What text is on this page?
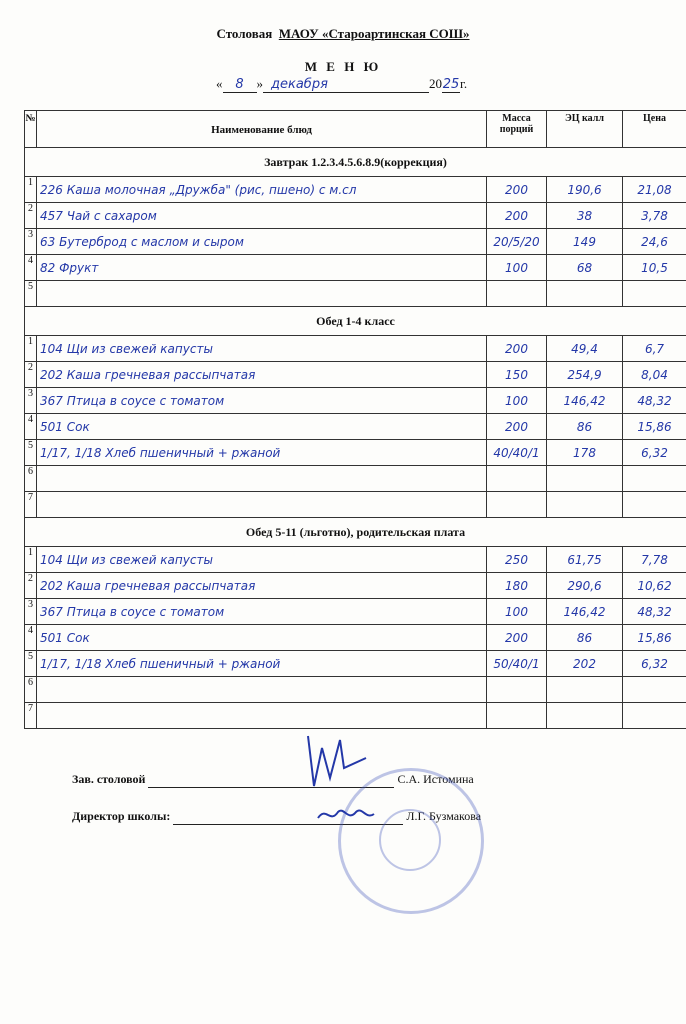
Столовая МАОУ «Староартинская СОШ»
М Е Н Ю
« 8 » декабря	2025г.
№	Наименование блюд	Масса порций	ЭЦ калл	Цена
Завтрак 1.2.3.4.5.6.8.9(коррекция)				
1	226 Каша молочная „Дружба" (рис, пшено) с м.сл	200	190,6	21,08
2	457 Чай с сахаром	200	38	3,78
3	63 Бутерброд с маслом и сыром	20/5/20	149	24,6
4	82 Фрукт	100	68	10,5
5				
Обед 1-4 класс				
1	104 Щи из свежей капусты	200	49,4	6,7
2	202 Каша гречневая рассыпчатая	150	254,9	8,04
3	367 Птица в соусе с томатом	100	146,42	48,32
4	501 Сок	200	86	15,86
5	1/17, 1/18 Хлеб пшеничный + ржаной	40/40/1	178	6,32
6				
7				
Обед 5-11 (льготно), родительская плата				
1	104 Щи из свежей капусты	250	61,75	7,78
2	202 Каша гречневая рассыпчатая	180	290,6	10,62
3	367 Птица в соусе с томатом	100	146,42	48,32
4	501 Сок	200	86	15,86
5	1/17, 1/18 Хлеб пшеничный + ржаной	50/40/1	202	6,32
6				
7				
Зав. столовой	С.А. Истомина
Директор школы:	Л.Г. Бузмакова
